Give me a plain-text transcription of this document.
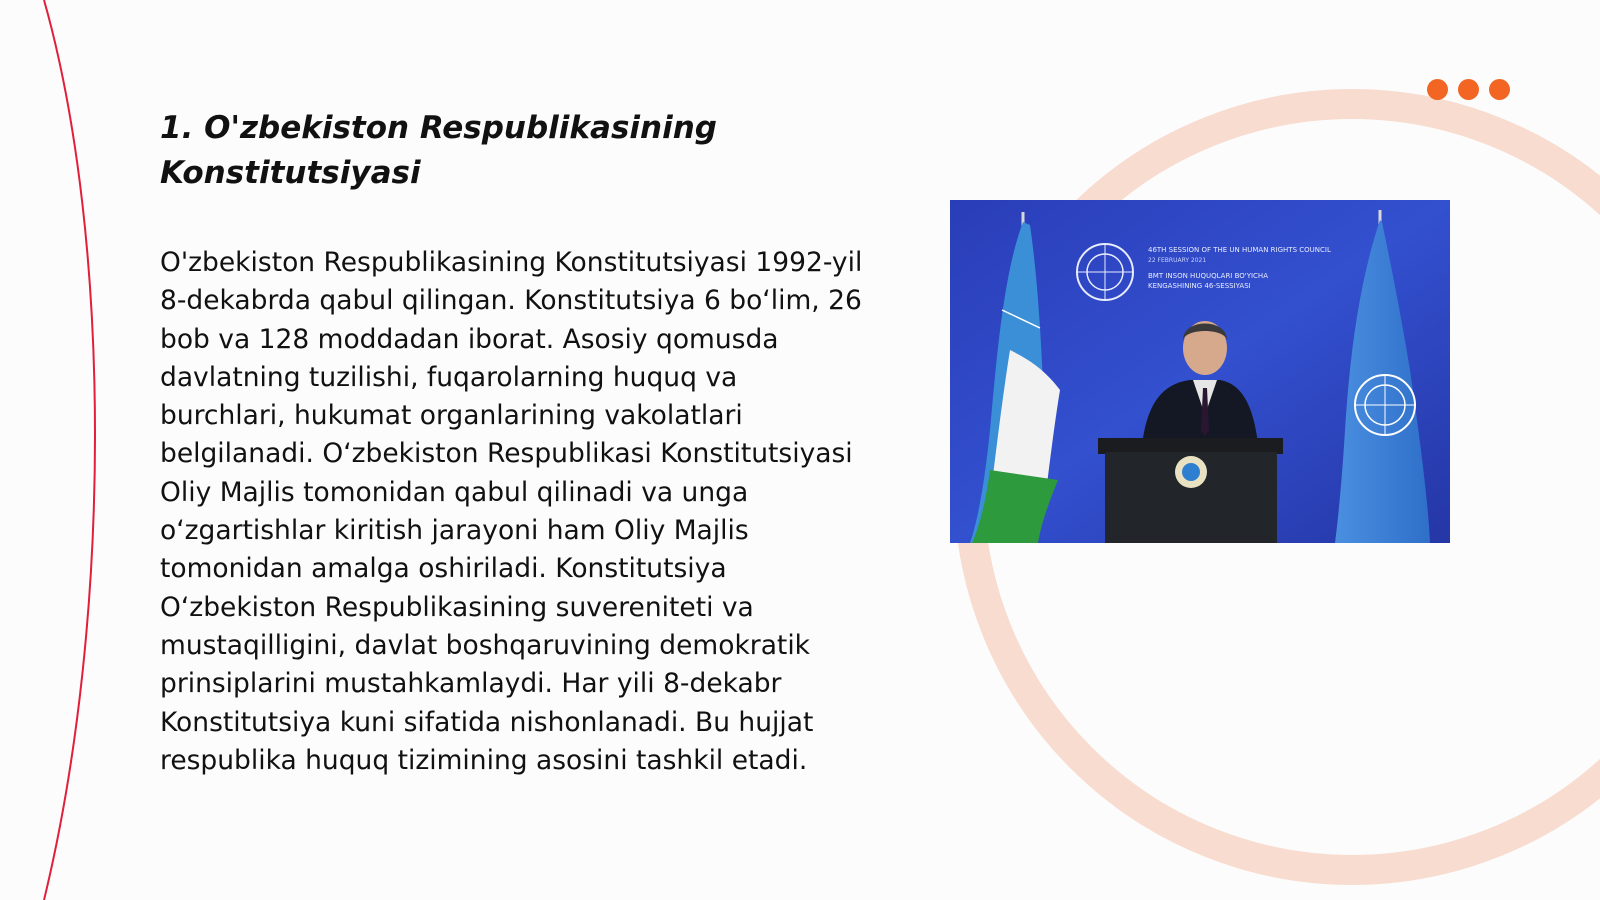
1. O'zbekiston Respublikasining Konstitutsiyasi

O'zbekiston Respublikasining Konstitutsiyasi 1992-yil 8-dekabrda qabul qilingan. Konstitutsiya 6 bo‘lim, 26 bob va 128 moddadan iborat. Asosiy qomusda davlatning tuzilishi, fuqarolarning huquq va burchlari, hukumat organlarining vakolatlari belgilanadi. O‘zbekiston Respublikasi Konstitutsiyasi Oliy Majlis tomonidan qabul qilinadi va unga o‘zgartishlar kiritish jarayoni ham Oliy Majlis tomonidan amalga oshiriladi. Konstitutsiya O‘zbekiston Respublikasining suvereniteti va mustaqilligini, davlat boshqaruvining demokratik prinsiplarini mustahkamlaydi. Har yili 8-dekabr Konstitutsiya kuni sifatida nishonlanadi. Bu hujjat respublika huquq tizimining asosini tashkil etadi.

46TH SESSION OF THE UN HUMAN RIGHTS COUNCIL
22 FEBRUARY 2021
BMT INSON HUQUQLARI BO'YICHA
KENGASHINING 46-SESSIYASI
